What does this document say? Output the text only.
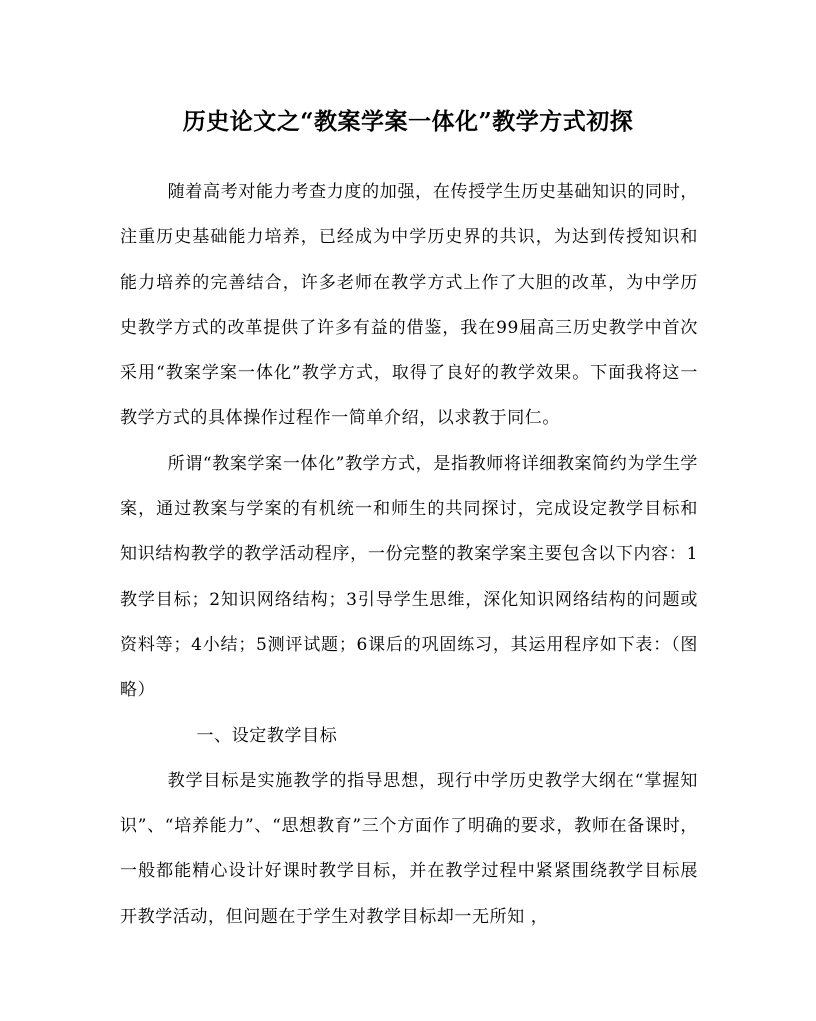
历史论文之“教案学案一体化”教学方式初探

随着高考对能力考查力度的加强，在传授学生历史基础知识的同时，注重历史基础能力培养，已经成为中学历史界的共识，为达到传授知识和能力培养的完善结合，许多老师在教学方式上作了大胆的改革，为中学历史教学方式的改革提供了许多有益的借鉴，我在99届高三历史教学中首次采用“教案学案一体化”教学方式，取得了良好的教学效果。下面我将这一教学方式的具体操作过程作一简单介绍，以求教于同仁。

所谓“教案学案一体化”教学方式，是指教师将详细教案简约为学生学案，通过教案与学案的有机统一和师生的共同探讨，完成设定教学目标和知识结构教学的教学活动程序，一份完整的教案学案主要包含以下内容：1教学目标；2知识网络结构；3引导学生思维，深化知识网络结构的问题或资料等；4小结；5测评试题；6课后的巩固练习，其运用程序如下表：（图略）

一、设定教学目标

教学目标是实施教学的指导思想，现行中学历史教学大纲在“掌握知识”、“培养能力”、“思想教育”三个方面作了明确的要求，教师在备课时，一般都能精心设计好课时教学目标，并在教学过程中紧紧围绕教学目标展开教学活动，但问题在于学生对教学目标却一无所知 ，
